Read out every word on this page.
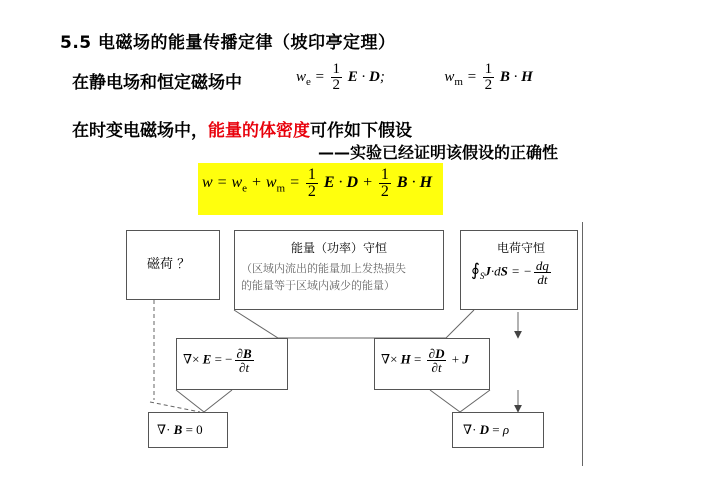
5.5 电磁场的能量传播定律（坡印亭定理）
在静电场和恒定磁场中	$w_e = \frac{1}{2}$ E · D;	$w_m = \frac{1}{2}$ B · H
在时变电磁场中，能量的体密度可作如下假设
——实验已经证明该假设的正确性
$w = w_e + w_m = \frac{1}{2}$ $E \cdot D + \frac{1}{2}$ B · H
磁荷 ？
能量（功率）守恒
（区域内流出的能量加上发热损失
的能量等于区域内减少的能量）
电荷守恒
$∮_SJ\cdot dS$ = − $\frac{dq}{dt}$
∇× E = − $\frac{\partial B}{\partial t}$	∇× $H = \frac{\partial D}{\partial t} + J$
∇· B = 0	∇· D = ρ
